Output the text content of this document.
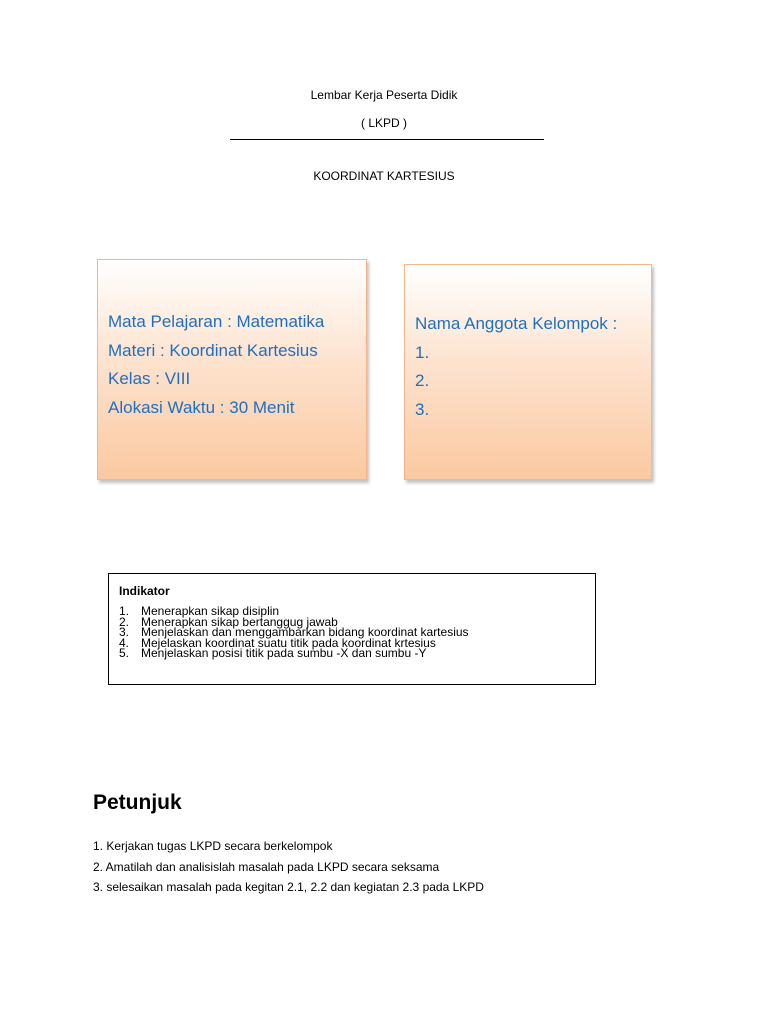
Lembar Kerja Peserta Didik
( LKPD )
KOORDINAT KARTESIUS
Mata Pelajaran : Matematika
Materi : Koordinat Kartesius
Kelas : VIII
Alokasi Waktu : 30 Menit
Nama Anggota Kelompok :
1.
2.
3.
Indikator
1. Menerapkan sikap disiplin
2. Menerapkan sikap bertanggug jawab
3. Menjelaskan dan menggambarkan bidang koordinat kartesius
4. Mejelaskan koordinat suatu titik pada koordinat krtesius
5. Menjelaskan posisi titik pada sumbu -X dan sumbu -Y
Petunjuk
1. Kerjakan tugas LKPD secara berkelompok
2. Amatilah dan analisislah masalah pada LKPD secara seksama
3. selesaikan masalah pada kegitan 2.1, 2.2 dan kegiatan 2.3 pada LKPD
